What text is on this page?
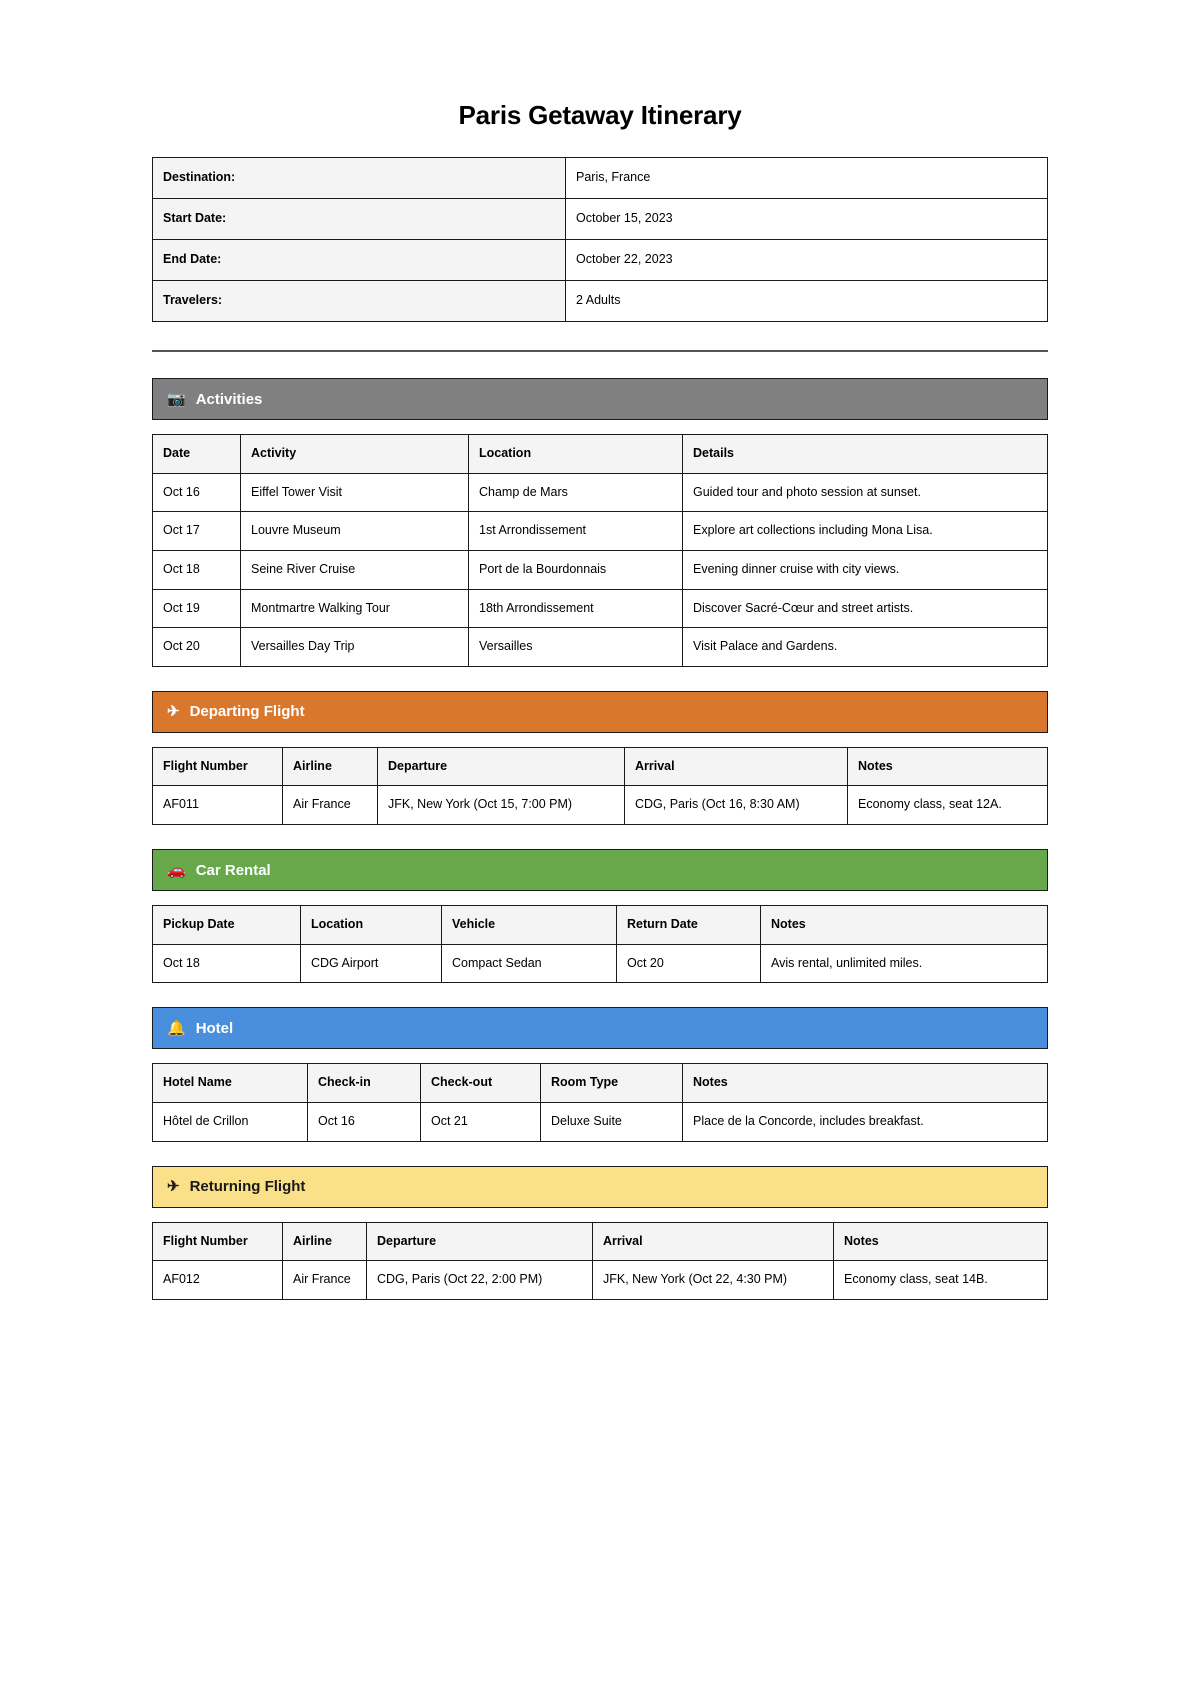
Paris Getaway Itinerary
Destination:	Paris, France
Start Date:	October 15, 2023
End Date:	October 22, 2023
Travelers:	2 Adults
📷 Activities
Date	Activity	Location	Details
Oct 16	Eiffel Tower Visit	Champ de Mars	Guided tour and photo session at sunset.
Oct 17	Louvre Museum	1st Arrondissement	Explore art collections including Mona Lisa.
Oct 18	Seine River Cruise	Port de la Bourdonnais	Evening dinner cruise with city views.
Oct 19	Montmartre Walking Tour	18th Arrondissement	Discover Sacré-Cœur and street artists.
Oct 20	Versailles Day Trip	Versailles	Visit Palace and Gardens.
✈ Departing Flight
Flight Number	Airline	Departure	Arrival	Notes
AF011	Air France	JFK, New York (Oct 15, 7:00 PM)	CDG, Paris (Oct 16, 8:30 AM)	Economy class, seat 12A.
🚗 Car Rental
Pickup Date	Location	Vehicle	Return Date	Notes
Oct 18	CDG Airport	Compact Sedan	Oct 20	Avis rental, unlimited miles.
🔔 Hotel
Hotel Name	Check-in	Check-out	Room Type	Notes
Hôtel de Crillon	Oct 16	Oct 21	Deluxe Suite	Place de la Concorde, includes breakfast.
✈ Returning Flight
Flight Number	Airline	Departure	Arrival	Notes
AF012	Air France	CDG, Paris (Oct 22, 2:00 PM)	JFK, New York (Oct 22, 4:30 PM)	Economy class, seat 14B.
